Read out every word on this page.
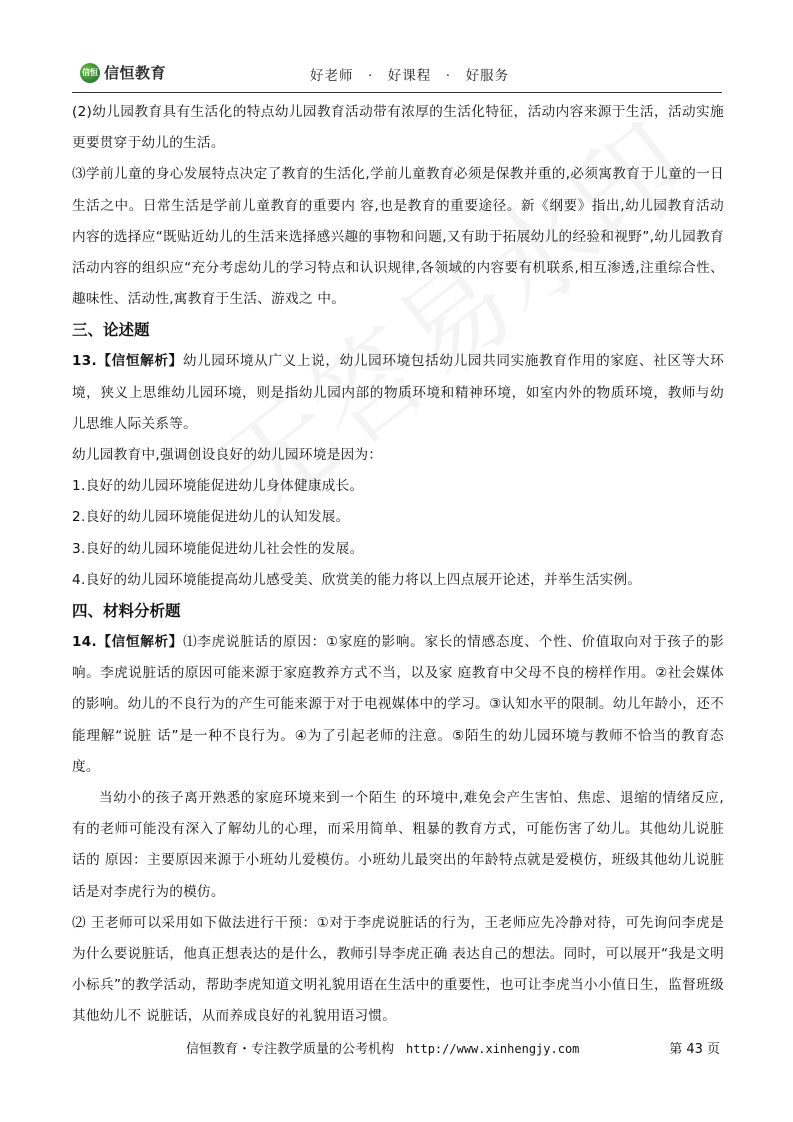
信恒 信恒教育	好老师　·　好课程　·　好服务

(2)幼儿园教育具有生活化的特点幼儿园教育活动带有浓厚的生活化特征，活动内容来源于生活，活动实施更要贯穿于幼儿的生活。

⑶学前儿童的身心发展特点决定了教育的生活化,学前儿童教育必须是保教并重的,必须寓教育于儿童的一日生活之中。日常生活是学前儿童教育的重要内 容,也是教育的重要途径。新《纲要》指出,幼儿园教育活动内容的选择应“既贴近幼儿的生活来选择感兴趣的事物和问题,又有助于拓展幼儿的经验和视野”,幼儿园教育活动内容的组织应“充分考虑幼儿的学习特点和认识规律,各领域的内容要有机联系,相互渗透,注重综合性、趣味性、活动性,寓教育于生活、游戏之 中。

三、论述题

13.【信恒解析】幼儿园环境从广义上说，幼儿园环境包括幼儿园共同实施教育作用的家庭、社区等大环境，狭义上思维幼儿园环境，则是指幼儿园内部的物质环境和精神环境，如室内外的物质环境，教师与幼儿思维人际关系等。

幼儿园教育中,强调创设良好的幼儿园环境是因为：

1.良好的幼儿园环境能促进幼儿身体健康成长。

2.良好的幼儿园环境能促进幼儿的认知发展。

3.良好的幼儿园环境能促进幼儿社会性的发展。

4.良好的幼儿园环境能提高幼儿感受美、欣赏美的能力将以上四点展开论述，并举生活实例。

四、材料分析题

14.【信恒解析】⑴李虎说脏话的原因：①家庭的影响。家长的情感态度、个性、价值取向对于孩子的影响。李虎说脏话的原因可能来源于家庭教养方式不当，以及家 庭教育中父母不良的榜样作用。②社会媒体的影响。幼儿的不良行为的产生可能来源于对于电视媒体中的学习。③认知水平的限制。幼儿年龄小，还不能理解“说脏 话”是一种不良行为。④为了引起老师的注意。⑤陌生的幼儿园环境与教师不恰当的教育态度。

当幼小的孩子离开熟悉的家庭环境来到一个陌生 的环境中,难免会产生害怕、焦虑、退缩的情绪反应,有的老师可能没有深入了解幼儿的心理，而采用简单、粗暴的教育方式，可能伤害了幼儿。其他幼儿说脏话的 原因：主要原因来源于小班幼儿爱模仿。小班幼儿最突出的年龄特点就是爱模仿，班级其他幼儿说脏话是对李虎行为的模仿。

⑵ 王老师可以采用如下做法进行干预：①对于李虎说脏话的行为，王老师应先冷静对待，可先询问李虎是为什么要说脏话，他真正想表达的是什么，教师引导李虎正确 表达自己的想法。同时，可以展开“我是文明小标兵”的教学活动，帮助李虎知道文明礼貌用语在生活中的重要性，也可让李虎当小小值日生，监督班级其他幼儿不 说脏话，从而养成良好的礼貌用语习惯。

信恒教育・专注教学质量的公考机构 http://www.xinhengjy.com	第 43 页
